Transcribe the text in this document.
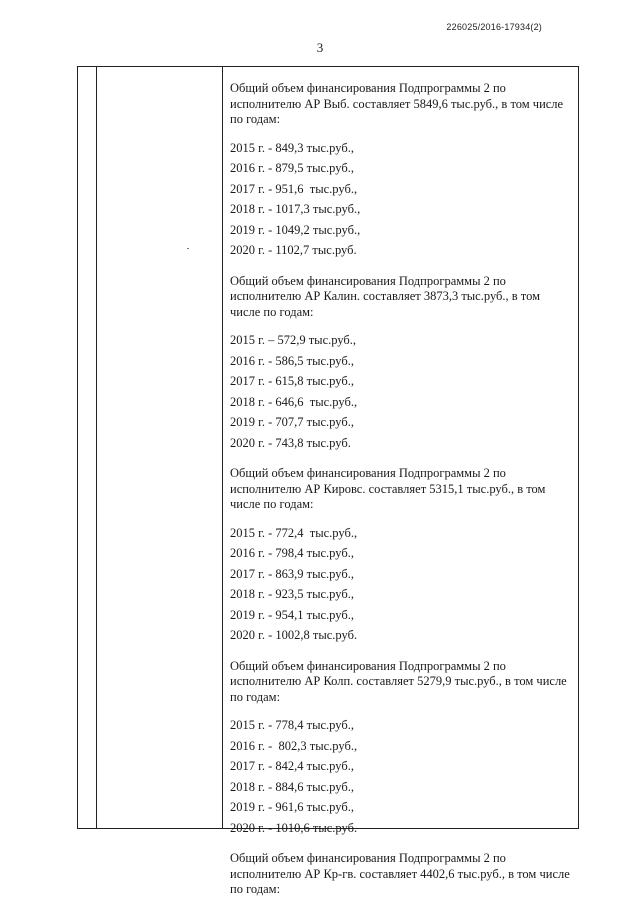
226025/2016-17934(2)
3
Общий объем финансирования Подпрограммы 2 по исполнителю АР Выб. составляет 5849,6 тыс.руб., в том числе по годам:
2015 г. - 849,3 тыс.руб.,
2016 г. - 879,5 тыс.руб.,
2017 г. - 951,6  тыс.руб.,
2018 г. - 1017,3 тыс.руб.,
2019 г. - 1049,2 тыс.руб.,
2020 г. - 1102,7 тыс.руб.
Общий объем финансирования Подпрограммы 2 по исполнителю АР Калин. составляет 3873,3 тыс.руб., в том числе по годам:
2015 г. – 572,9 тыс.руб.,
2016 г. - 586,5 тыс.руб.,
2017 г. - 615,8 тыс.руб.,
2018 г. - 646,6  тыс.руб.,
2019 г. - 707,7 тыс.руб.,
2020 г. - 743,8 тыс.руб.
Общий объем финансирования Подпрограммы 2 по исполнителю АР Кировс. составляет 5315,1 тыс.руб., в том числе по годам:
2015 г. - 772,4  тыс.руб.,
2016 г. - 798,4 тыс.руб.,
2017 г. - 863,9 тыс.руб.,
2018 г. - 923,5 тыс.руб.,
2019 г. - 954,1 тыс.руб.,
2020 г. - 1002,8 тыс.руб.
Общий объем финансирования Подпрограммы 2 по исполнителю АР Колп. составляет 5279,9 тыс.руб., в том числе по годам:
2015 г. - 778,4 тыс.руб.,
2016 г. -  802,3 тыс.руб.,
2017 г. - 842,4 тыс.руб.,
2018 г. - 884,6 тыс.руб.,
2019 г. - 961,6 тыс.руб.,
2020 г. - 1010,6 тыс.руб.
Общий объем финансирования Подпрограммы 2 по исполнителю АР Кр-гв. составляет 4402,6 тыс.руб., в том числе по годам:
